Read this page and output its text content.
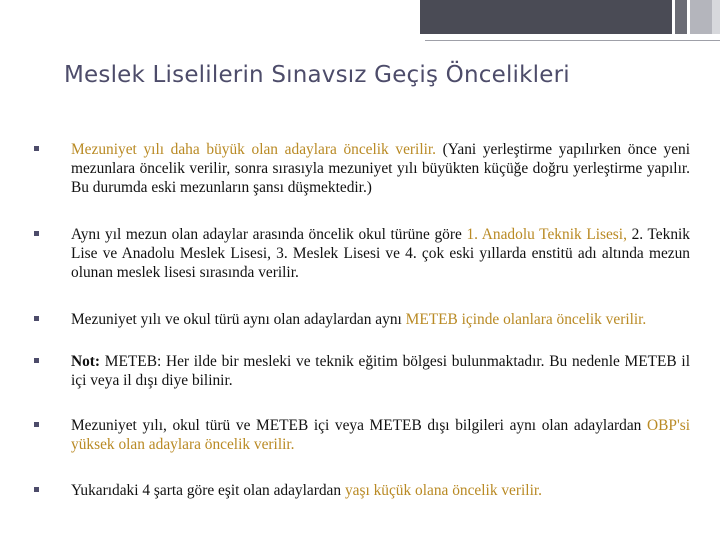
Meslek Liselilerin Sınavsız Geçiş Öncelikleri
Mezuniyet yılı daha büyük olan adaylara öncelik verilir. (Yani yerleştirme yapılırken önce yeni mezunlara öncelik verilir, sonra sırasıyla mezuniyet yılı büyükten küçüğe doğru yerleştirme yapılır. Bu durumda eski mezunların şansı düşmektedir.)
Aynı yıl mezun olan adaylar arasında öncelik okul türüne göre 1. Anadolu Teknik Lisesi, 2. Teknik Lise ve Anadolu Meslek Lisesi, 3. Meslek Lisesi ve 4. çok eski yıllarda enstitü adı altında mezun olunan meslek lisesi sırasında verilir.
Mezuniyet yılı ve okul türü aynı olan adaylardan aynı METEB içinde olanlara öncelik verilir.
Not: METEB: Her ilde bir mesleki ve teknik eğitim bölgesi bulunmaktadır. Bu nedenle METEB il içi veya il dışı diye bilinir.
Mezuniyet yılı, okul türü ve METEB içi veya METEB dışı bilgileri aynı olan adaylardan OBP'si yüksek olan adaylara öncelik verilir.
Yukarıdaki 4 şarta göre eşit olan adaylardan yaşı küçük olana öncelik verilir.
